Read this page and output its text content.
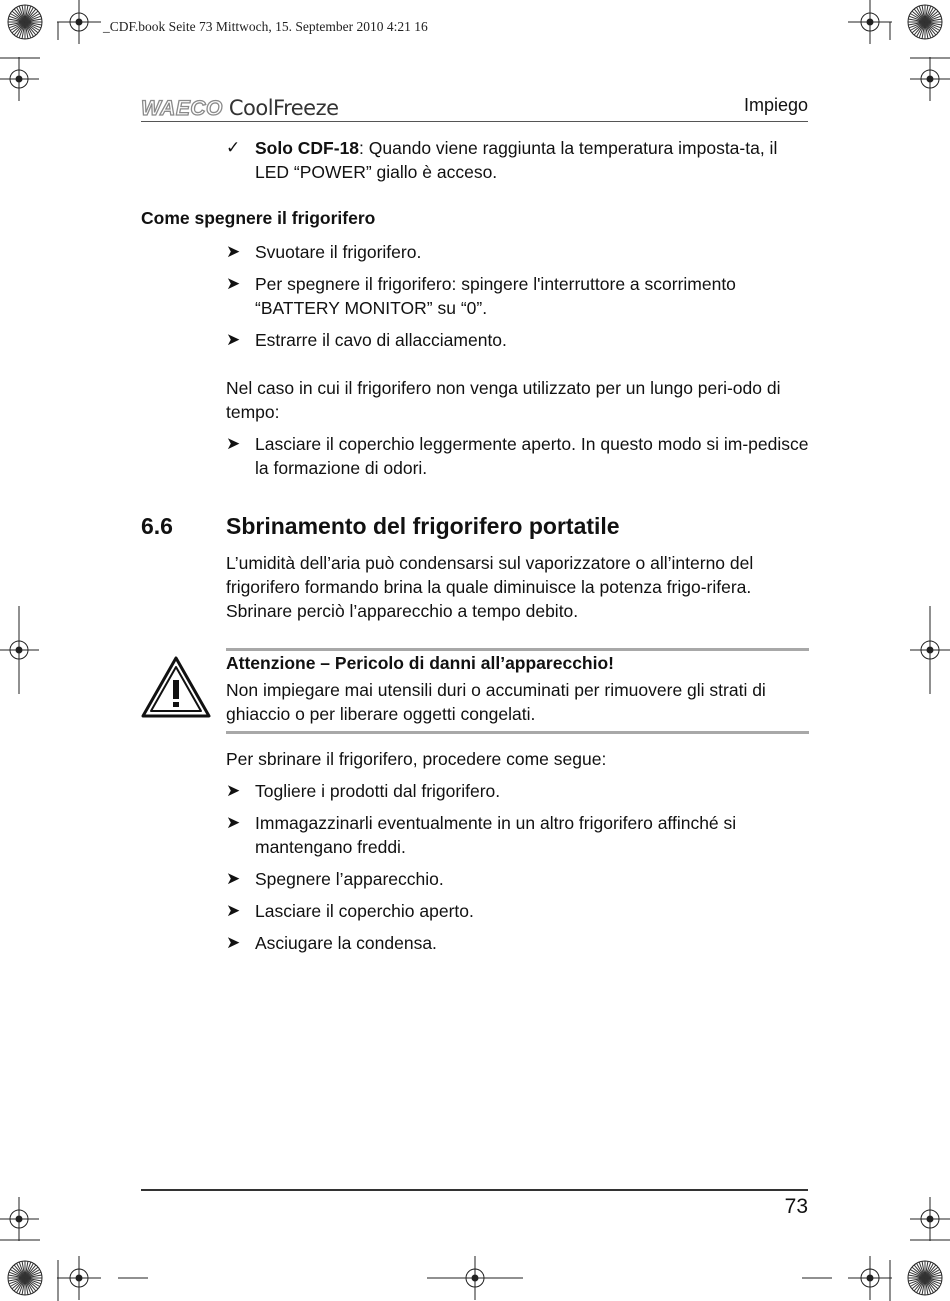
_CDF.book Seite 73 Mittwoch, 15. September 2010 4:21 16
WAECO CoolFreeze	Impiego
✓ Solo CDF-18: Quando viene raggiunta la temperatura imposta-ta, il LED “POWER” giallo è acceso.
Come spegnere il frigorifero
➤ Svuotare il frigorifero.
➤ Per spegnere il frigorifero: spingere l'interruttore a scorrimento “BATTERY MONITOR” su “0”.
➤ Estrarre il cavo di allacciamento.
Nel caso in cui il frigorifero non venga utilizzato per un lungo peri-odo di tempo:
➤ Lasciare il coperchio leggermente aperto. In questo modo si im-pedisce la formazione di odori.
6.6 Sbrinamento del frigorifero portatile
L’umidità dell’aria può condensarsi sul vaporizzatore o all’interno del frigorifero formando brina la quale diminuisce la potenza frigo-rifera. Sbrinare perciò l’apparecchio a tempo debito.
Attenzione – Pericolo di danni all’apparecchio!
Non impiegare mai utensili duri o accuminati per rimuovere gli strati di ghiaccio o per liberare oggetti congelati.
Per sbrinare il frigorifero, procedere come segue:
➤ Togliere i prodotti dal frigorifero.
➤ Immagazzinarli eventualmente in un altro frigorifero affinché si mantengano freddi.
➤ Spegnere l’apparecchio.
➤ Lasciare il coperchio aperto.
➤ Asciugare la condensa.
73
